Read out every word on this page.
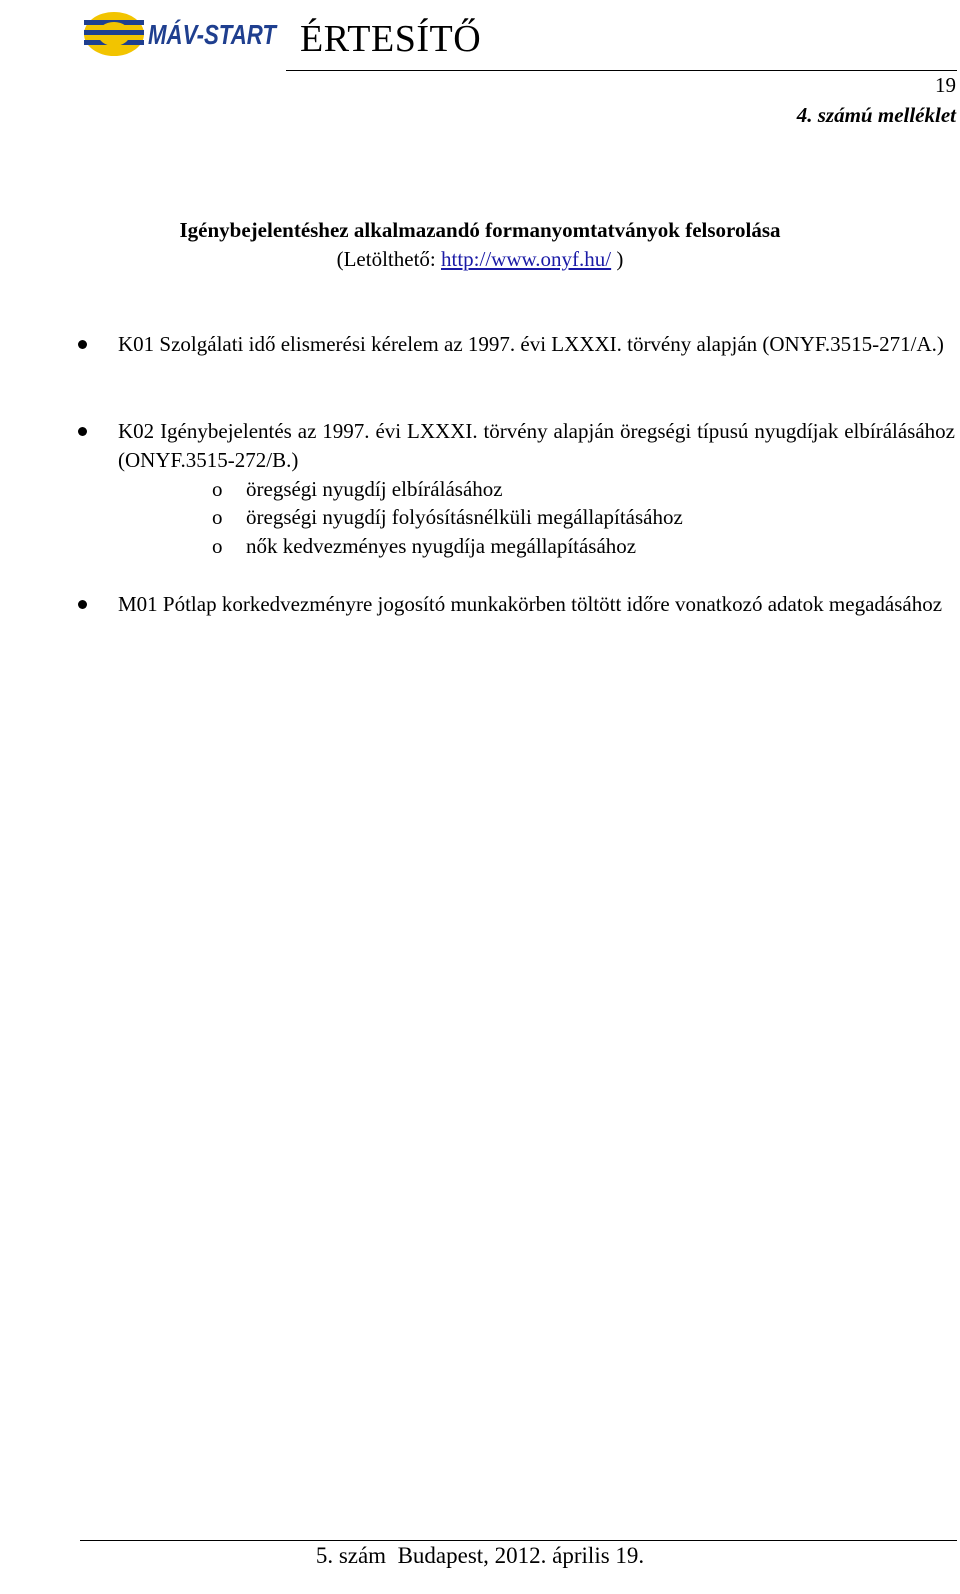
MÁV-START ÉRTESÍTŐ
19
4. számú melléklet
Igénybejelentéshez alkalmazandó formanyomtatványok felsorolása
(Letölthető: http://www.onyf.hu/ )
K01 Szolgálati idő elismerési kérelem az 1997. évi LXXXI. törvény alapján (ONYF.3515-271/A.)
K02 Igénybejelentés az 1997. évi LXXXI. törvény alapján öregségi típusú nyugdíjak elbírálásához (ONYF.3515-272/B.)
o öregségi nyugdíj elbírálásához
o öregségi nyugdíj folyósításnélküli megállapításához
o nők kedvezményes nyugdíja megállapításához
M01 Pótlap korkedvezményre jogosító munkakörben töltött időre vonatkozó adatok megadásához
5. szám  Budapest, 2012. április 19.
